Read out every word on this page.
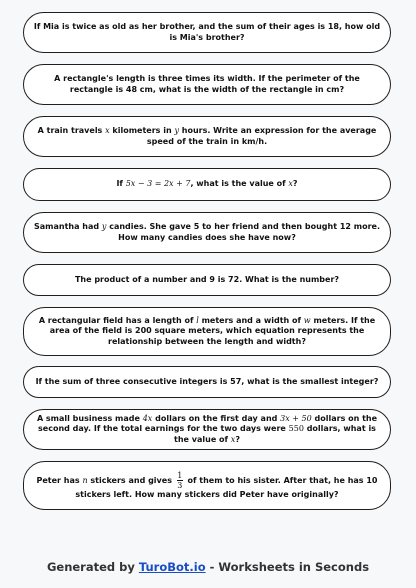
If Mia is twice as old as her brother, and the sum of their ages is 18, how old is Mia's brother?
A rectangle's length is three times its width. If the perimeter of the rectangle is 48 cm, what is the width of the rectangle in cm?
A train travels x kilometers in y hours. Write an expression for the average speed of the train in km/h.
If 5x − 3 = 2x + 7, what is the value of x?
Samantha had y candies. She gave 5 to her friend and then bought 12 more. How many candies does she have now?
The product of a number and 9 is 72. What is the number?
A rectangular field has a length of l meters and a width of w meters. If the area of the field is 200 square meters, which equation represents the relationship between the length and width?
If the sum of three consecutive integers is 57, what is the smallest integer?
A small business made 4x dollars on the first day and 3x + 50 dollars on the second day. If the total earnings for the two days were 550 dollars, what is the value of x?
Peter has n stickers and gives $\frac{1}{3}$ of them to his sister. After that, he has 10 stickers left. How many stickers did Peter have originally?
Generated by TuroBot.io - Worksheets in Seconds
